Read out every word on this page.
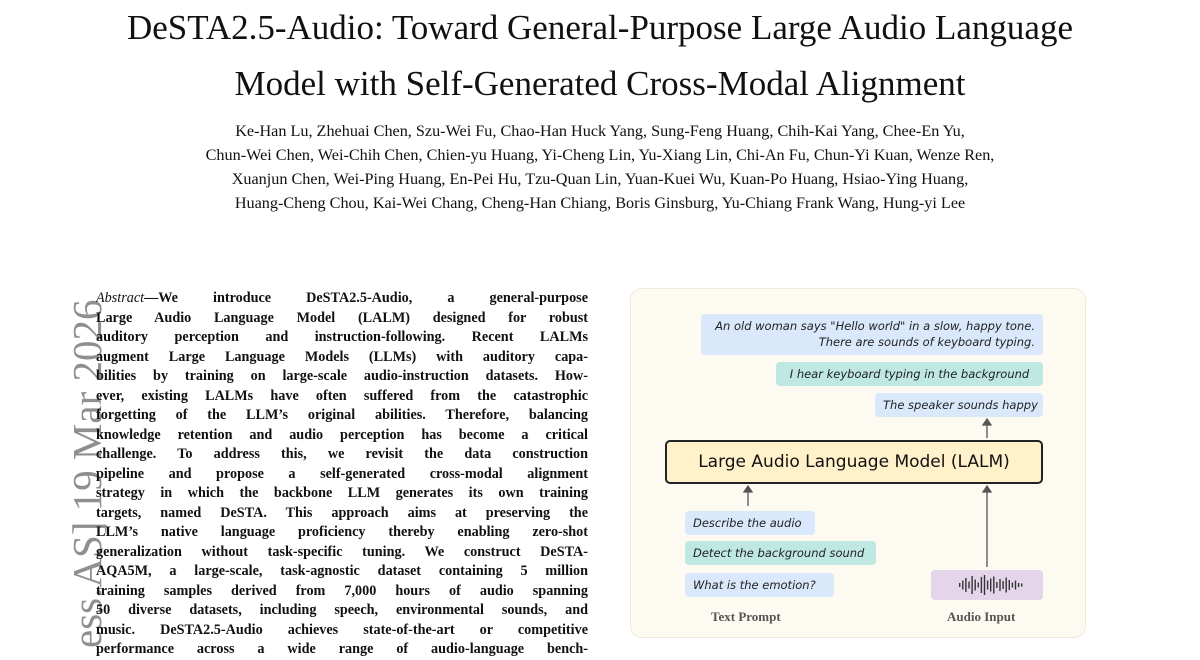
DeSTA2.5-Audio: Toward General-Purpose Large Audio Language
Model with Self-Generated Cross-Modal Alignment
Ke-Han Lu, Zhehuai Chen, Szu-Wei Fu, Chao-Han Huck Yang, Sung-Feng Huang, Chih-Kai Yang, Chee-En Yu,
Chun-Wei Chen, Wei-Chih Chen, Chien-yu Huang, Yi-Cheng Lin, Yu-Xiang Lin, Chi-An Fu, Chun-Yi Kuan, Wenze Ren,
Xuanjun Chen, Wei-Ping Huang, En-Pei Hu, Tzu-Quan Lin, Yuan-Kuei Wu, Kuan-Po Huang, Hsiao-Ying Huang,
Huang-Cheng Chou, Kai-Wei Chang, Cheng-Han Chiang, Boris Ginsburg, Yu-Chiang Frank Wang, Hung-yi Lee
ess.AS] 19 Mar 2026
Abstract—We introduce DeSTA2.5-Audio, a general-purpose
Large Audio Language Model (LALM) designed for robust
auditory perception and instruction-following. Recent LALMs
augment Large Language Models (LLMs) with auditory capa-
bilities by training on large-scale audio-instruction datasets. How-
ever, existing LALMs have often suffered from the catastrophic
forgetting of the LLM’s original abilities. Therefore, balancing
knowledge retention and audio perception has become a critical
challenge. To address this, we revisit the data construction
pipeline and propose a self-generated cross-modal alignment
strategy in which the backbone LLM generates its own training
targets, named DeSTA. This approach aims at preserving the
LLM’s native language proficiency thereby enabling zero-shot
generalization without task-specific tuning. We construct DeSTA-
AQA5M, a large-scale, task-agnostic dataset containing 5 million
training samples derived from 7,000 hours of audio spanning
50 diverse datasets, including speech, environmental sounds, and
music. DeSTA2.5-Audio achieves state-of-the-art or competitive
performance across a wide range of audio-language bench-
An old woman says "Hello world" in a slow, happy tone.
There are sounds of keyboard typing.
I hear keyboard typing in the background
The speaker sounds happy
Large Audio Language Model (LALM)
Describe the audio
Detect the background sound
What is the emotion?
Text Prompt	Audio Input
